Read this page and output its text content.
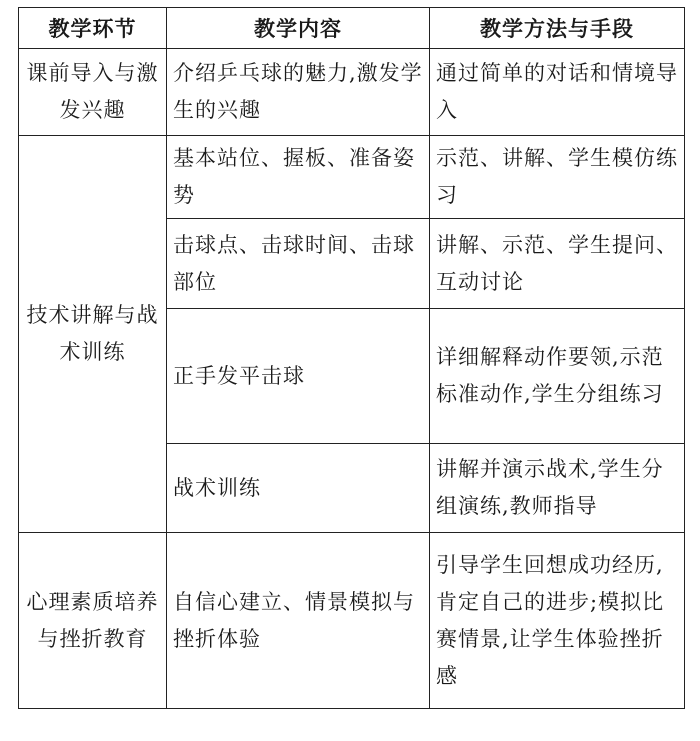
教学环节	教学内容	教学方法与手段
课前导入与激发兴趣	介绍乒乓球的魅力,激发学生的兴趣	通过简单的对话和情境导入
技术讲解与战术训练	基本站位、握板、准备姿势	示范、讲解、学生模仿练习
	击球点、击球时间、击球部位	讲解、示范、学生提问、互动讨论
	正手发平击球	详细解释动作要领,示范标准动作,学生分组练习
	战术训练	讲解并演示战术,学生分组演练,教师指导
心理素质培养与挫折教育	自信心建立、情景模拟与挫折体验	引导学生回想成功经历,肯定自己的进步;模拟比赛情景,让学生体验挫折感
